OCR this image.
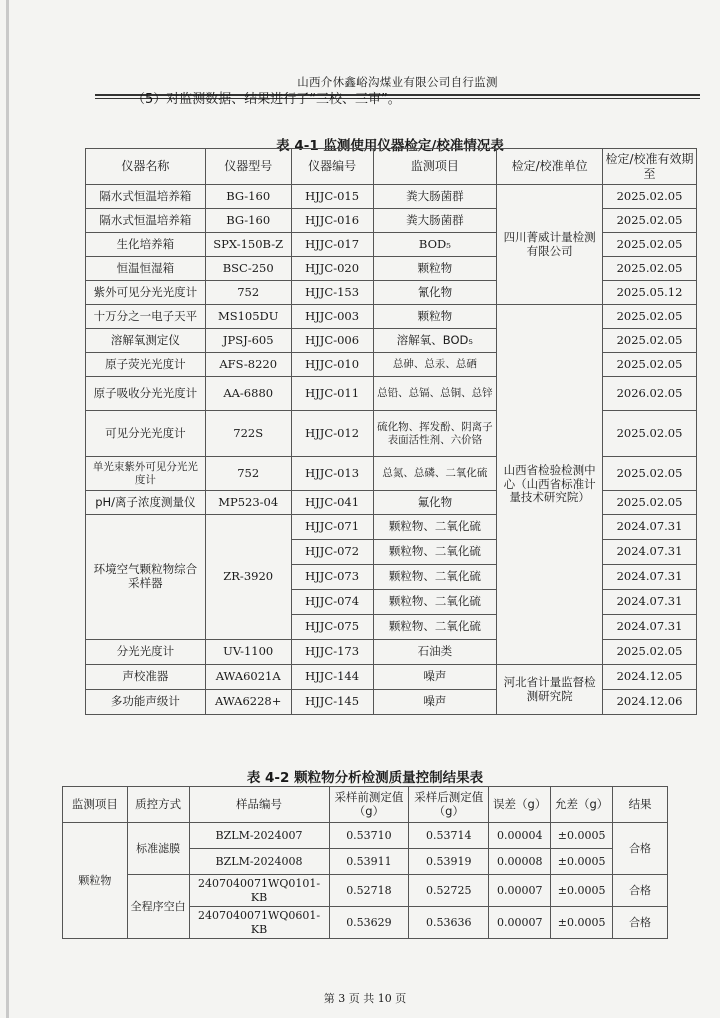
山西介休鑫峪沟煤业有限公司自行监测
（5）对监测数据、结果进行了“三校、三审”。
表 4-1 监测使用仪器检定/校准情况表
仪器名称	仪器型号	仪器编号	监测项目	检定/校准单位	检定/校准有效期至
隔水式恒温培养箱	BG-160	HJJC-015	粪大肠菌群	四川菁威计量检测有限公司	2025.02.05
隔水式恒温培养箱	BG-160	HJJC-016	粪大肠菌群		2025.02.05
生化培养箱	SPX-150B-Z	HJJC-017	BOD₅		2025.02.05
恒温恒湿箱	BSC-250	HJJC-020	颗粒物		2025.02.05
紫外可见分光光度计	752	HJJC-153	氰化物		2025.05.12
十万分之一电子天平	MS105DU	HJJC-003	颗粒物	山西省检验检测中心（山西省标准计量技术研究院）	2025.02.05
溶解氧测定仪	JPSJ-605	HJJC-006	溶解氧、BOD₅		2025.02.05
原子荧光光度计	AFS-8220	HJJC-010	总砷、总汞、总硒		2025.02.05
原子吸收分光光度计	AA-6880	HJJC-011	总铅、总镉、总铜、总锌		2026.02.05
可见分光光度计	722S	HJJC-012	硫化物、挥发酚、阴离子表面活性剂、六价铬		2025.02.05
单光束紫外可见分光光度计	752	HJJC-013	总氮、总磷、二氧化硫		2025.02.05
pH/离子浓度测量仪	MP523-04	HJJC-041	氟化物		2025.02.05
环境空气颗粒物综合采样器	ZR-3920	HJJC-071	颗粒物、二氧化硫		2024.07.31
		HJJC-072	颗粒物、二氧化硫		2024.07.31
		HJJC-073	颗粒物、二氧化硫		2024.07.31
		HJJC-074	颗粒物、二氧化硫		2024.07.31
		HJJC-075	颗粒物、二氧化硫		2024.07.31
分光光度计	UV-1100	HJJC-173	石油类		2025.02.05
声校准器	AWA6021A	HJJC-144	噪声	河北省计量监督检测研究院	2024.12.05
多功能声级计	AWA6228+	HJJC-145	噪声		2024.12.06
表 4-2 颗粒物分析检测质量控制结果表
监测项目	质控方式	样品编号	采样前测定值（g）	采样后测定值（g）	误差（g）	允差（g）	结果
颗粒物	标准滤膜	BZLM-2024007	0.53710	0.53714	0.00004	±0.0005	合格
		BZLM-2024008	0.53911	0.53919	0.00008	±0.0005	
	全程序空白	2407040071WQ0101-KB	0.52718	0.52725	0.00007	±0.0005	合格
		2407040071WQ0601-KB	0.53629	0.53636	0.00007	±0.0005	合格
第 3 页 共 10 页
